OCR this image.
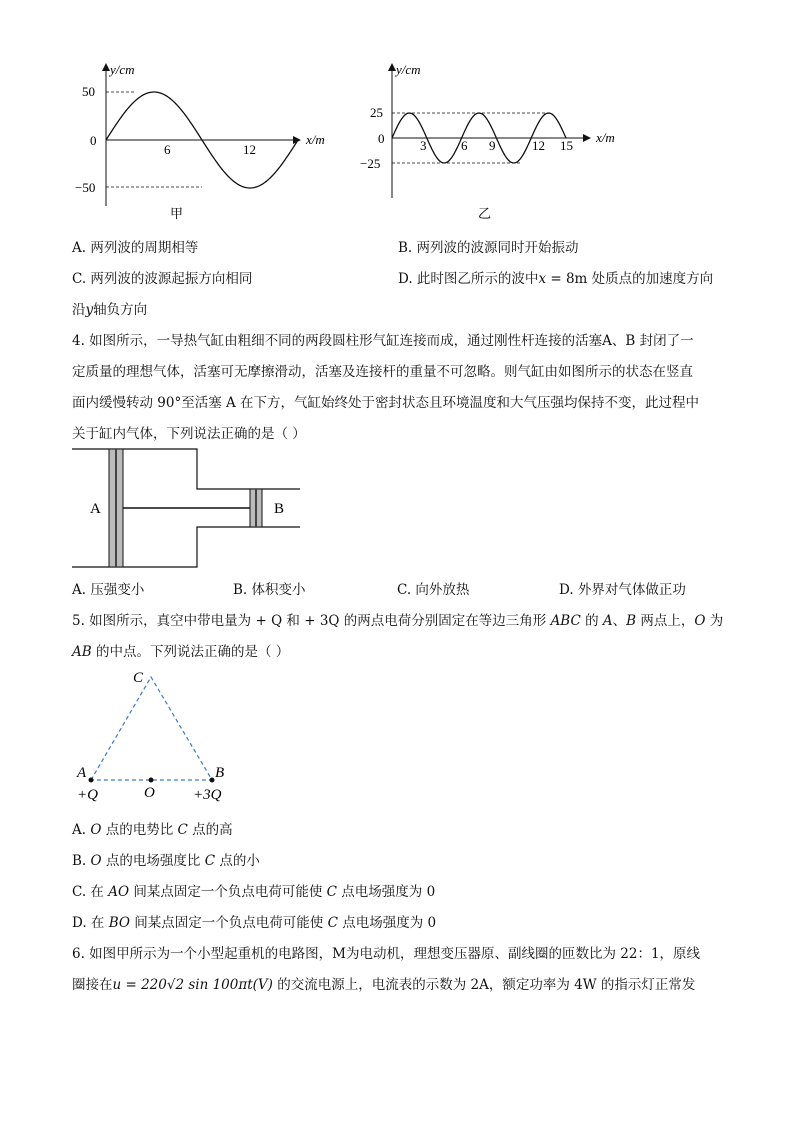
y/cm
x/m
50
−50
0
6	12
甲
y/cm
x/m
25
−25
0	3	6 9	12 15
乙
A. 两列波的周期相等	B. 两列波的波源同时开始振动
C. 两列波的波源起振方向相同	D. 此时图乙所示的波中x = 8m 处质点的加速度方向
沿y轴负方向
4. 如图所示，一导热气缸由粗细不同的两段圆柱形气缸连接而成，通过刚性杆连接的活塞A、B 封闭了一
定质量的理想气体，活塞可无摩擦滑动，活塞及连接杆的重量不可忽略。则气缸由如图所示的状态在竖直
面内缓慢转动 90°至活塞 A 在下方，气缸始终处于密封状态且环境温度和大气压强均保持不变，此过程中
关于缸内气体，下列说法正确的是（ ）
A	B
A. 压强变小	B. 体积变小	C. 向外放热	D. 外界对气体做正功
5. 如图所示，真空中带电量为 + Q 和 + 3Q 的两点电荷分别固定在等边三角形 ABC 的 A、B 两点上，O 为
AB 的中点。下列说法正确的是（ ）
C
A	B
O
+Q	+3Q
A. O 点的电势比 C 点的高
B. O 点的电场强度比 C 点的小
C. 在 AO 间某点固定一个负点电荷可能使 C 点电场强度为 0
D. 在 BO 间某点固定一个负点电荷可能使 C 点电场强度为 0
6. 如图甲所示为一个小型起重机的电路图，M为电动机，理想变压器原、副线圈的匝数比为 22：1，原线
圈接在u = 220√2 sin 100πt(V) 的交流电源上，电流表的示数为 2A，额定功率为 4W 的指示灯正常发
